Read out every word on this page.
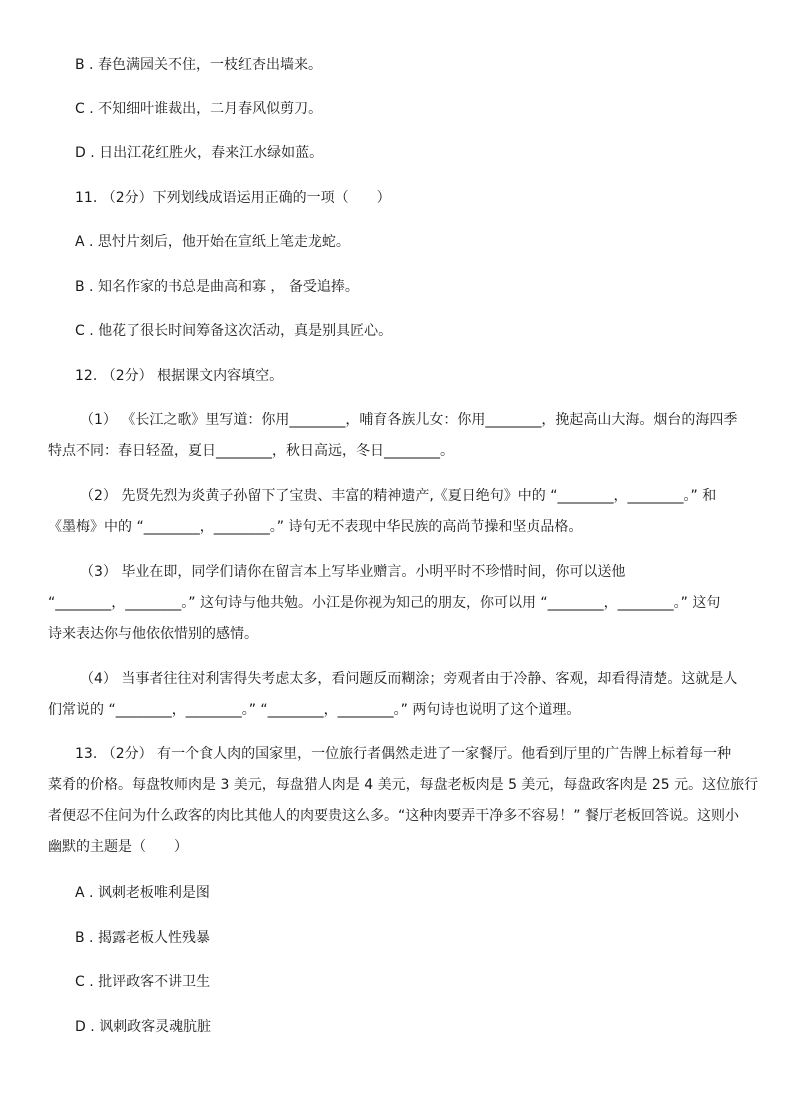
B . 春色满园关不住，一枝红杏出墙来。
C . 不知细叶谁裁出，二月春风似剪刀。
D . 日出江花红胜火，春来江水绿如蓝。
11. （2分）下列划线成语运用正确的一项（　　）
A . 思忖片刻后，他开始在宣纸上笔走龙蛇。
B . 知名作家的书总是曲高和寡 ， 备受追捧。
C . 他花了很长时间筹备这次活动，真是别具匠心。
12. （2分） 根据课文内容填空。
（1） 《长江之歌》里写道：你用________，哺育各族儿女：你用________，挽起高山大海。烟台的海四季
特点不同：春日轻盈，夏日________，秋日高远，冬日________。
（2） 先贤先烈为炎黄子孙留下了宝贵、丰富的精神遗产,《夏日绝句》中的 “________，________。” 和
《墨梅》中的 “________，________。” 诗句无不表现中华民族的高尚节操和坚贞品格。
（3） 毕业在即，同学们请你在留言本上写毕业赠言。小明平时不珍惜时间，你可以送他
“________，________。” 这句诗与他共勉。小江是你视为知己的朋友，你可以用 “________，________。” 这句
诗来表达你与他依依惜别的感情。
（4） 当事者往往对利害得失考虑太多，看问题反而糊涂；旁观者由于冷静、客观，却看得清楚。这就是人
们常说的 “________，________。” “________，________。” 两句诗也说明了这个道理。
13. （2分） 有一个食人肉的国家里，一位旅行者偶然走进了一家餐厅。他看到厅里的广告牌上标着每一种
菜肴的价格。每盘牧师肉是 3 美元，每盘猎人肉是 4 美元，每盘老板肉是 5 美元，每盘政客肉是 25 元。这位旅行
者便忍不住问为什么政客的肉比其他人的肉要贵这么多。“这种肉要弄干净多不容易！” 餐厅老板回答说。这则小
幽默的主题是（　　）
A . 讽刺老板唯利是图
B . 揭露老板人性残暴
C . 批评政客不讲卫生
D . 讽刺政客灵魂肮脏
